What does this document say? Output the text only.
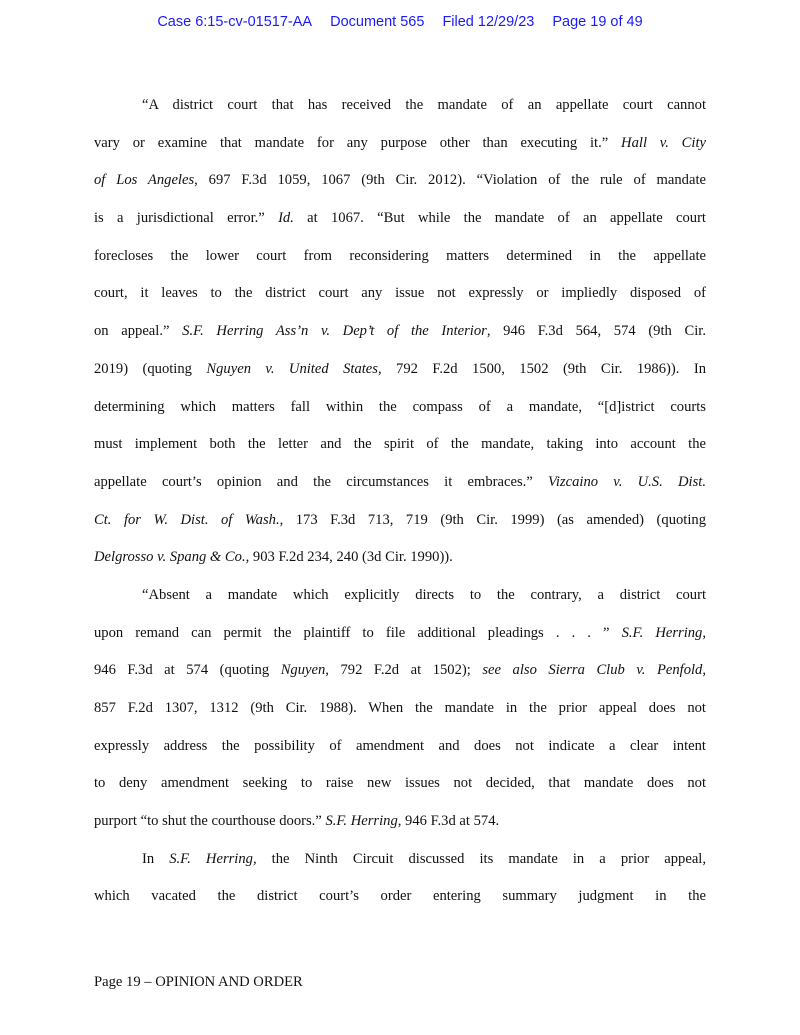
Case 6:15-cv-01517-AA Document 565 Filed 12/29/23 Page 19 of 49
“A district court that has received the mandate of an appellate court cannot
vary or examine that mandate for any purpose other than executing it.” Hall v. City
of Los Angeles, 697 F.3d 1059, 1067 (9th Cir. 2012). “Violation of the rule of mandate
is a jurisdictional error.” Id. at 1067. “But while the mandate of an appellate court
forecloses the lower court from reconsidering matters determined in the appellate
court, it leaves to the district court any issue not expressly or impliedly disposed of
on appeal.” S.F. Herring Ass’n v. Dep’t of the Interior, 946 F.3d 564, 574 (9th Cir.
2019) (quoting Nguyen v. United States, 792 F.2d 1500, 1502 (9th Cir. 1986)). In
determining which matters fall within the compass of a mandate, “[d]istrict courts
must implement both the letter and the spirit of the mandate, taking into account the
appellate court’s opinion and the circumstances it embraces.” Vizcaino v. U.S. Dist.
Ct. for W. Dist. of Wash., 173 F.3d 713, 719 (9th Cir. 1999) (as amended) (quoting
Delgrosso v. Spang & Co., 903 F.2d 234, 240 (3d Cir. 1990)).
“Absent a mandate which explicitly directs to the contrary, a district court
upon remand can permit the plaintiff to file additional pleadings . . . ” S.F. Herring,
946 F.3d at 574 (quoting Nguyen, 792 F.2d at 1502); see also Sierra Club v. Penfold,
857 F.2d 1307, 1312 (9th Cir. 1988). When the mandate in the prior appeal does not
expressly address the possibility of amendment and does not indicate a clear intent
to deny amendment seeking to raise new issues not decided, that mandate does not
purport “to shut the courthouse doors.” S.F. Herring, 946 F.3d at 574.
In S.F. Herring, the Ninth Circuit discussed its mandate in a prior appeal,
which vacated the district court’s order entering summary judgment in the
Page 19 – OPINION AND ORDER
